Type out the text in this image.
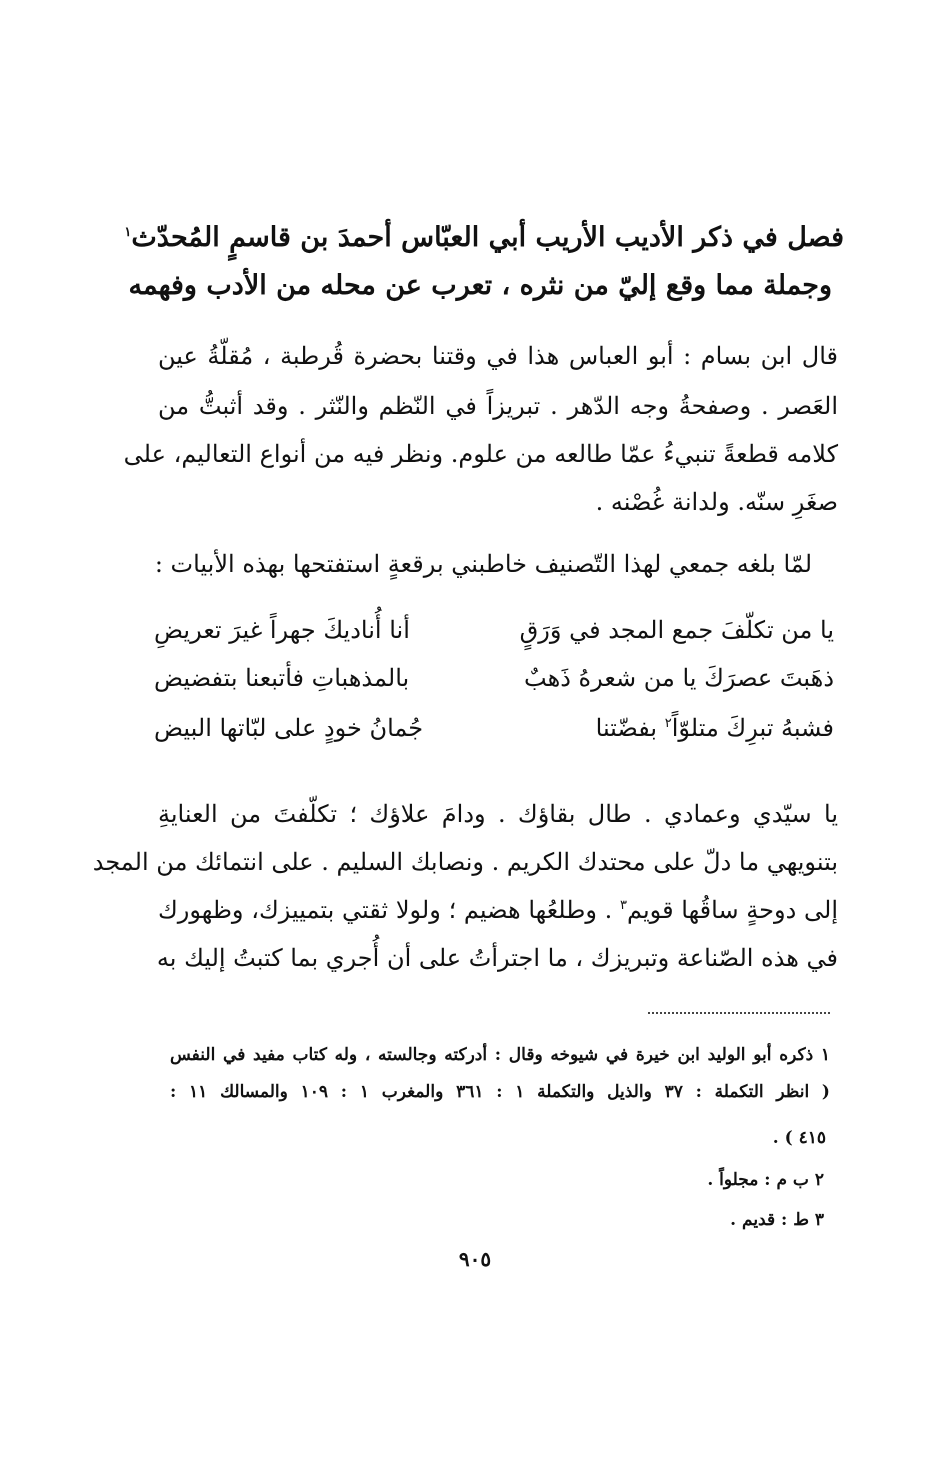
فصل في ذكر الأديب الأريب أبي العبّاس أحمدَ بن قاسمٍ المُحدّث$^١$
وجملة مما وقع إليّ من نثره ، تعرب عن محله من الأدب وفهمه
قال ابن بسام : أبو العباس هذا في وقتنا بحضرة قُرطبة ، مُقلّةُ عين
العَصر . وصفحةُ وجه الدّهر . تبريزاً في النّظم والنّثر . وقد أثبتُّ من
كلامه قطعةً تنبيءُ عمّا طالعه من علوم. ونظر فيه من أنواع التعاليم، على
صغَرِ سنّه. ولدانة غُصْنه .
لمّا بلغه جمعي لهذا التّصنيف خاطبني برقعةٍ استفتحها بهذه الأبيات :
يا من تكلّفَ جمع المجد في وَرَقٍ
أنا أُناديكَ جهراً غيرَ تعريضِ
ذهَبتَ عصرَكَ يا من شعرهُ ذَهبٌ
بالمذهباتِ فأتبعنا بتفضيض
فشبهُ تبرِكَ متلوّاً$^٢$ بفضّتنا
جُمانُ خودٍ على لبّاتها البيض
يا سيّدي وعمادي . طال بقاؤك . ودامَ علاؤك ؛ تكلّفتَ من العنايةِ
بتنويهي ما دلّ على محتدك الكريم . ونصابك السليم . على انتمائك من المجد
إلى دوحةٍ ساقُها قويم$^٣$ . وطلعُها هضيم ؛ ولولا ثقتي بتمييزك، وظهورك
في هذه الصّناعة وتبريزك ، ما اجترأتُ على أن أُجري بما كتبتُ إليك به
١ ذكره أبو الوليد ابن خيرة في شيوخه وقال : أدركته وجالسته ، وله كتاب مفيد في النفس
( انظر التكملة : ٣٧ والذيل والتكملة ١ : ٣٦١ والمغرب ١ : ١٠٩ والمسالك ١١ :
٤١٥ ) .
٢ ب م : مجلواً .
٣ ط : قديم .
٩٠٥
